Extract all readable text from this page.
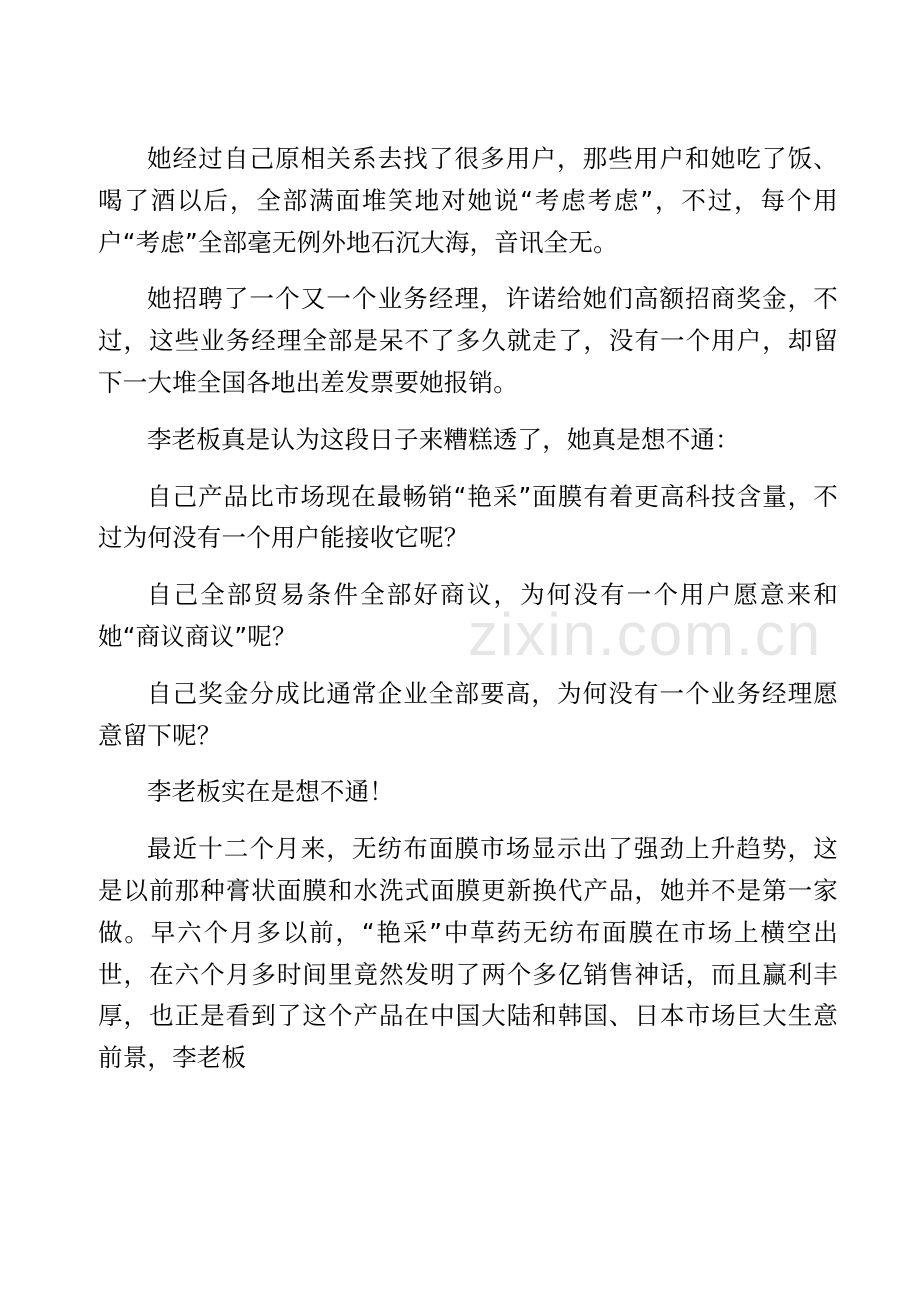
zixin.com.cn

她经过自己原相关系去找了很多用户，那些用户和她吃了饭、喝了酒以后，全部满面堆笑地对她说“考虑考虑”，不过，每个用户“考虑”全部毫无例外地石沉大海，音讯全无。

她招聘了一个又一个业务经理，许诺给她们高额招商奖金，不过，这些业务经理全部是呆不了多久就走了，没有一个用户，却留下一大堆全国各地出差发票要她报销。

李老板真是认为这段日子来糟糕透了，她真是想不通：

自己产品比市场现在最畅销“艳采”面膜有着更高科技含量，不过为何没有一个用户能接收它呢？

自己全部贸易条件全部好商议，为何没有一个用户愿意来和她“商议商议”呢？

自己奖金分成比通常企业全部要高，为何没有一个业务经理愿意留下呢？

李老板实在是想不通！

最近十二个月来，无纺布面膜市场显示出了强劲上升趋势，这是以前那种膏状面膜和水洗式面膜更新换代产品，她并不是第一家做。早六个月多以前，“艳采”中草药无纺布面膜在市场上横空出世，在六个月多时间里竟然发明了两个多亿销售神话，而且赢利丰厚，也正是看到了这个产品在中国大陆和韩国、日本市场巨大生意前景，李老板
